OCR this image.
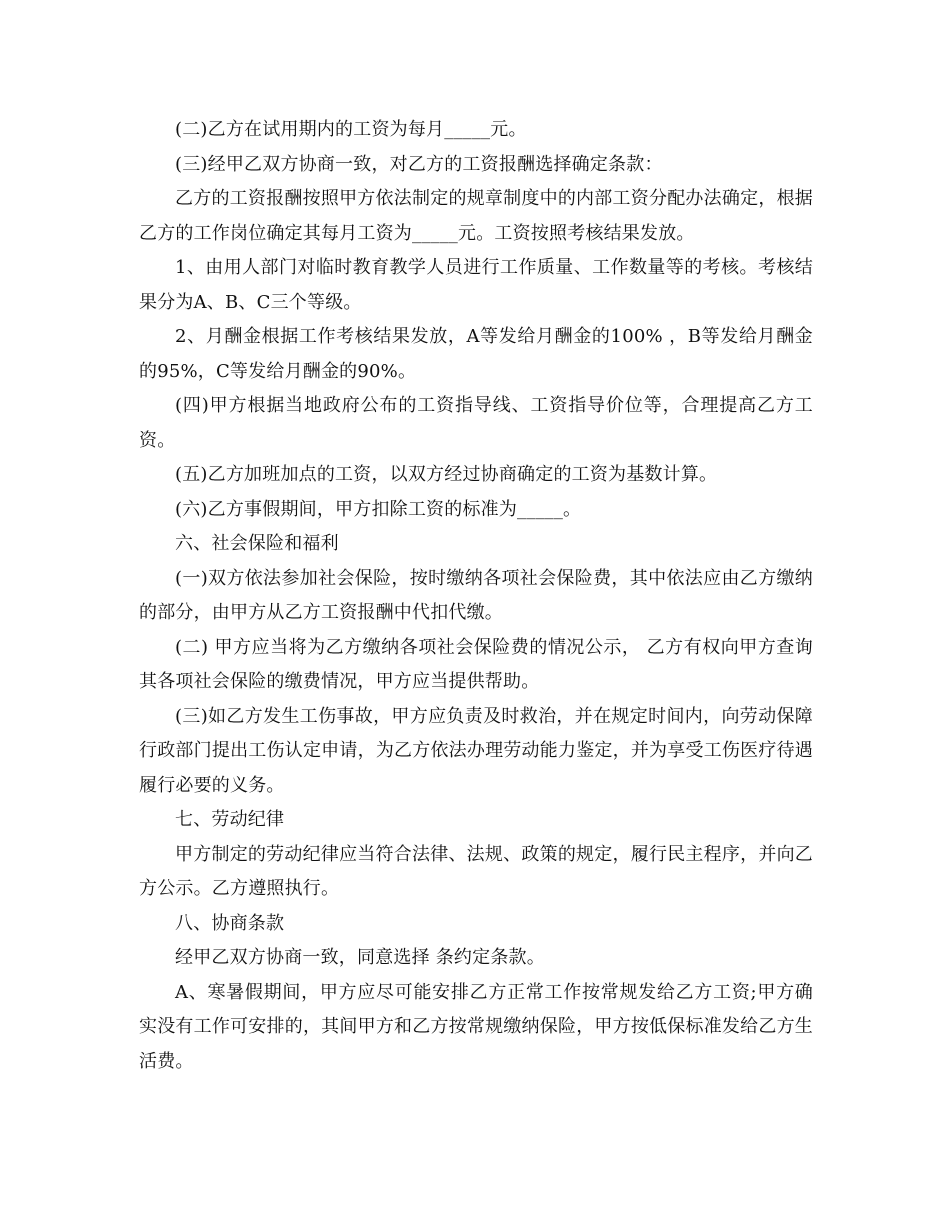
(二)乙方在试用期内的工资为每月_____元。

(三)经甲乙双方协商一致，对乙方的工资报酬选择确定条款：

乙方的工资报酬按照甲方依法制定的规章制度中的内部工资分配办法确定，根据乙方的工作岗位确定其每月工资为_____元。工资按照考核结果发放。

1、由用人部门对临时教育教学人员进行工作质量、工作数量等的考核。考核结果分为A、B、C三个等级。

2、月酬金根据工作考核结果发放，A等发给月酬金的100% ，B等发给月酬金的95%，C等发给月酬金的90%。

(四)甲方根据当地政府公布的工资指导线、工资指导价位等，合理提高乙方工资。

(五)乙方加班加点的工资，以双方经过协商确定的工资为基数计算。

(六)乙方事假期间，甲方扣除工资的标准为_____。

六、社会保险和福利

(一)双方依法参加社会保险，按时缴纳各项社会保险费，其中依法应由乙方缴纳的部分，由甲方从乙方工资报酬中代扣代缴。

(二) 甲方应当将为乙方缴纳各项社会保险费的情况公示， 乙方有权向甲方查询其各项社会保险的缴费情况，甲方应当提供帮助。

(三)如乙方发生工伤事故，甲方应负责及时救治，并在规定时间内，向劳动保障行政部门提出工伤认定申请，为乙方依法办理劳动能力鉴定，并为享受工伤医疗待遇履行必要的义务。

七、劳动纪律

甲方制定的劳动纪律应当符合法律、法规、政策的规定，履行民主程序，并向乙方公示。乙方遵照执行。

八、协商条款

经甲乙双方协商一致，同意选择 条约定条款。

A、寒暑假期间，甲方应尽可能安排乙方正常工作按常规发给乙方工资;甲方确实没有工作可安排的，其间甲方和乙方按常规缴纳保险，甲方按低保标准发给乙方生活费。
